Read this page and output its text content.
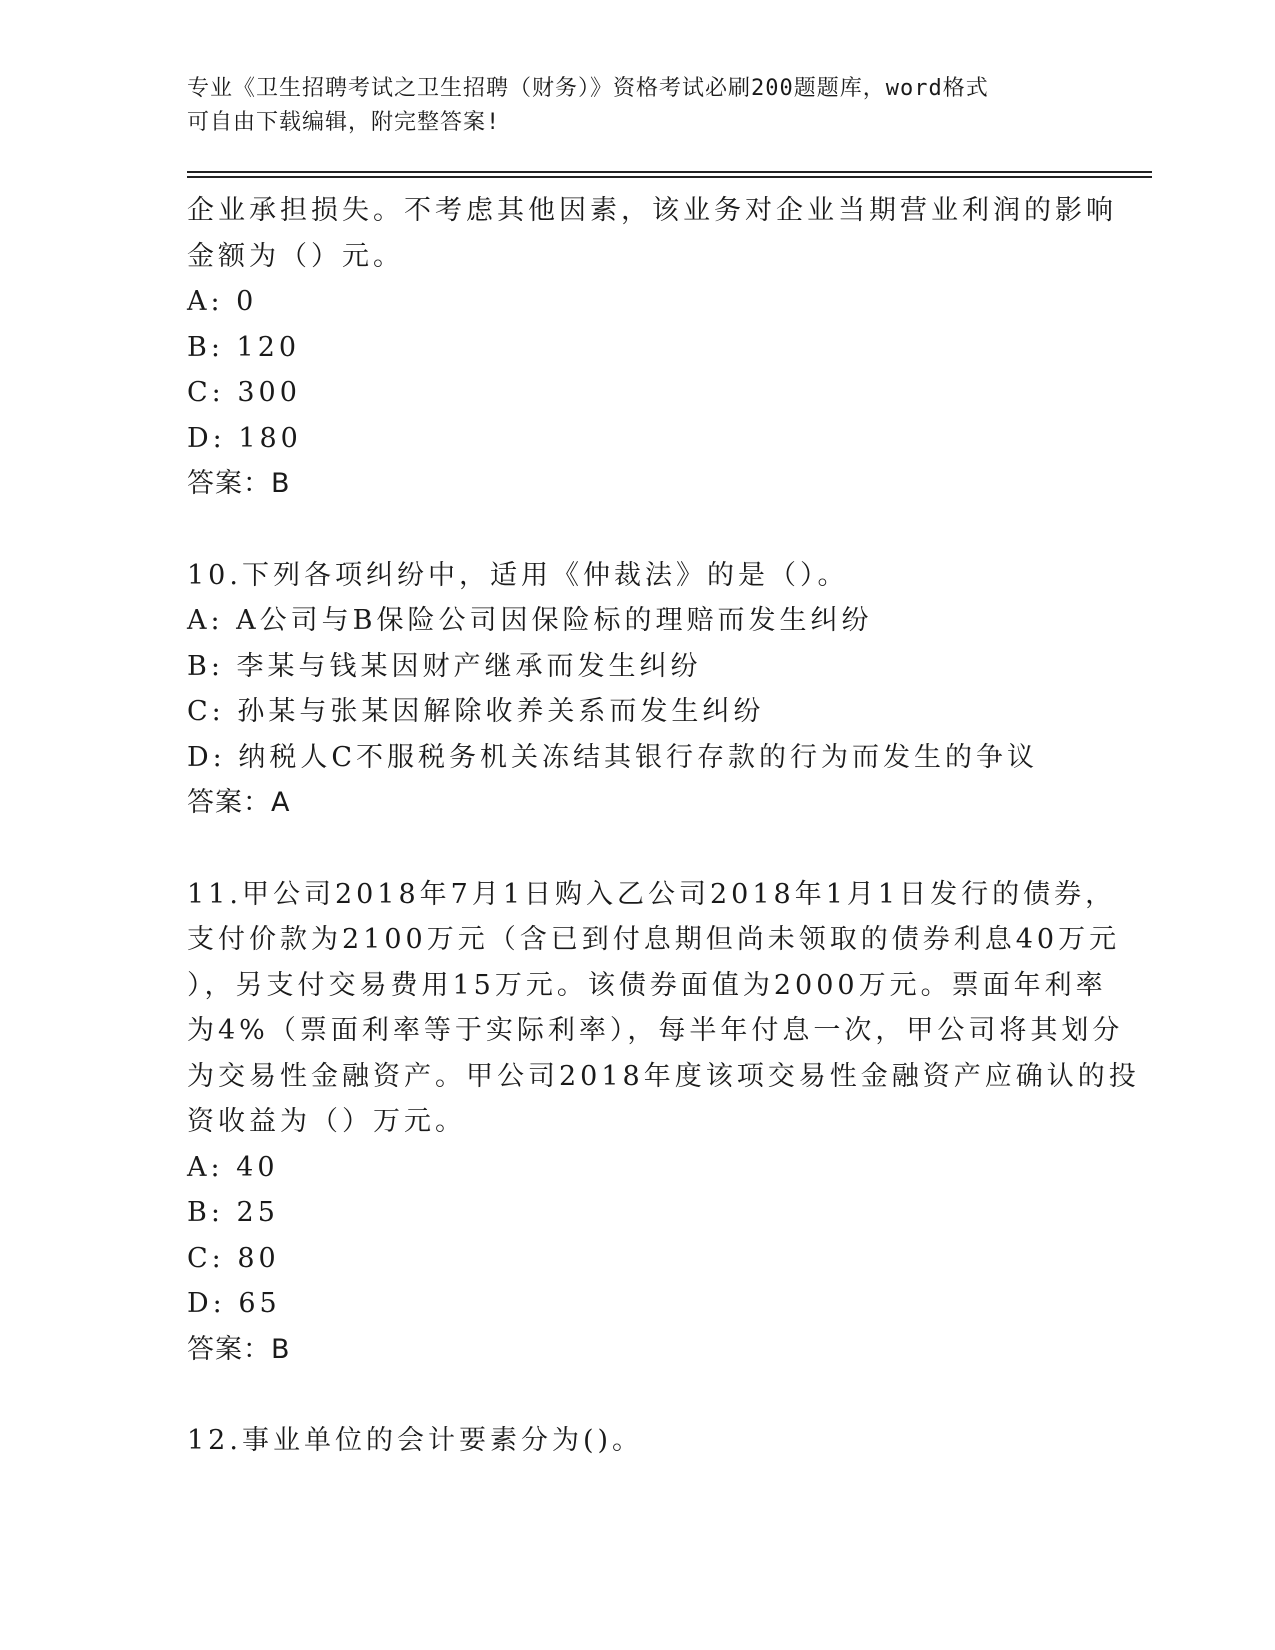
专业《卫生招聘考试之卫生招聘（财务）》资格考试必刷200题题库，word格式
可自由下载编辑，附完整答案!
企业承担损失。不考虑其他因素，该业务对企业当期营业利润的影响
金额为（）元。
A: 0
B: 120
C: 300
D: 180
答案：B
10.下列各项纠纷中，适用《仲裁法》的是（）。
A: A公司与B保险公司因保险标的理赔而发生纠纷
B: 李某与钱某因财产继承而发生纠纷
C: 孙某与张某因解除收养关系而发生纠纷
D: 纳税人C不服税务机关冻结其银行存款的行为而发生的争议
答案：A
11.甲公司2018年7月1日购入乙公司2018年1月1日发行的债券，
支付价款为2100万元（含已到付息期但尚未领取的债券利息40万元
），另支付交易费用15万元。该债券面值为2000万元。票面年利率
为4%（票面利率等于实际利率），每半年付息一次，甲公司将其划分
为交易性金融资产。甲公司2018年度该项交易性金融资产应确认的投
资收益为（）万元。
A: 40
B: 25
C: 80
D: 65
答案：B
12.事业单位的会计要素分为()。
